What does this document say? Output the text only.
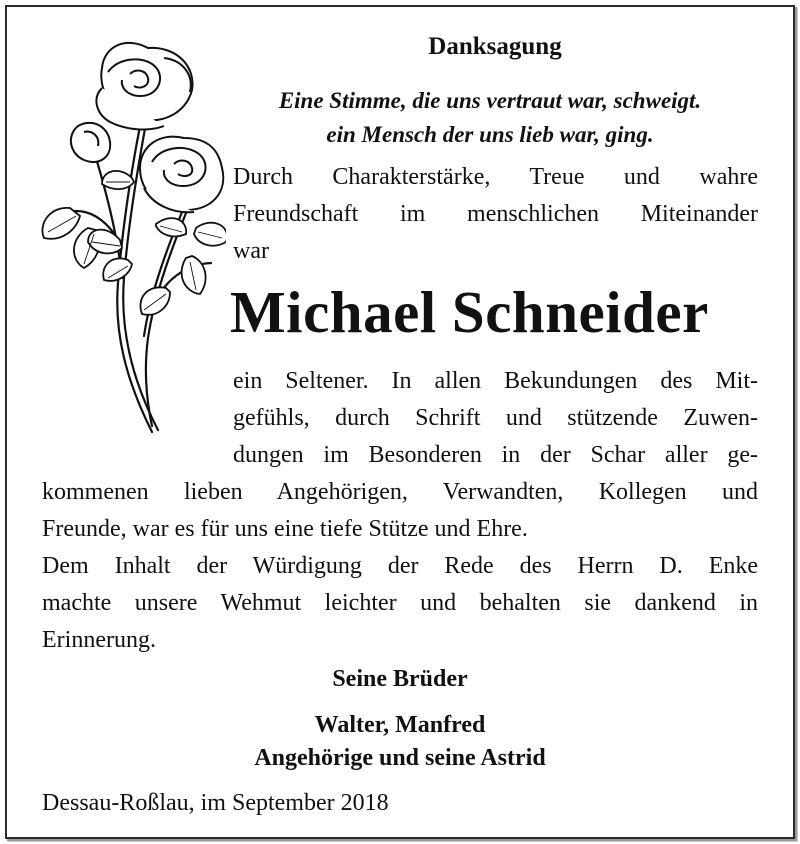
Danksagung
Eine Stimme, die uns vertraut war, schweigt.
ein Mensch der uns lieb war, ging.
Durch Charakterstärke, Treue und wahre
Freundschaft im menschlichen Miteinander
war
Michael Schneider
ein Seltener. In allen Bekundungen des Mit-
gefühls, durch Schrift und stützende Zuwen-
dungen im Besonderen in der Schar aller ge-
kommenen lieben Angehörigen, Verwandten, Kollegen und
Freunde, war es für uns eine tiefe Stütze und Ehre.
Dem Inhalt der Würdigung der Rede des Herrn D. Enke
machte unsere Wehmut leichter und behalten sie dankend in
Erinnerung.
Seine Brüder
Walter, Manfred
Angehörige und seine Astrid
Dessau-Roßlau, im September 2018
